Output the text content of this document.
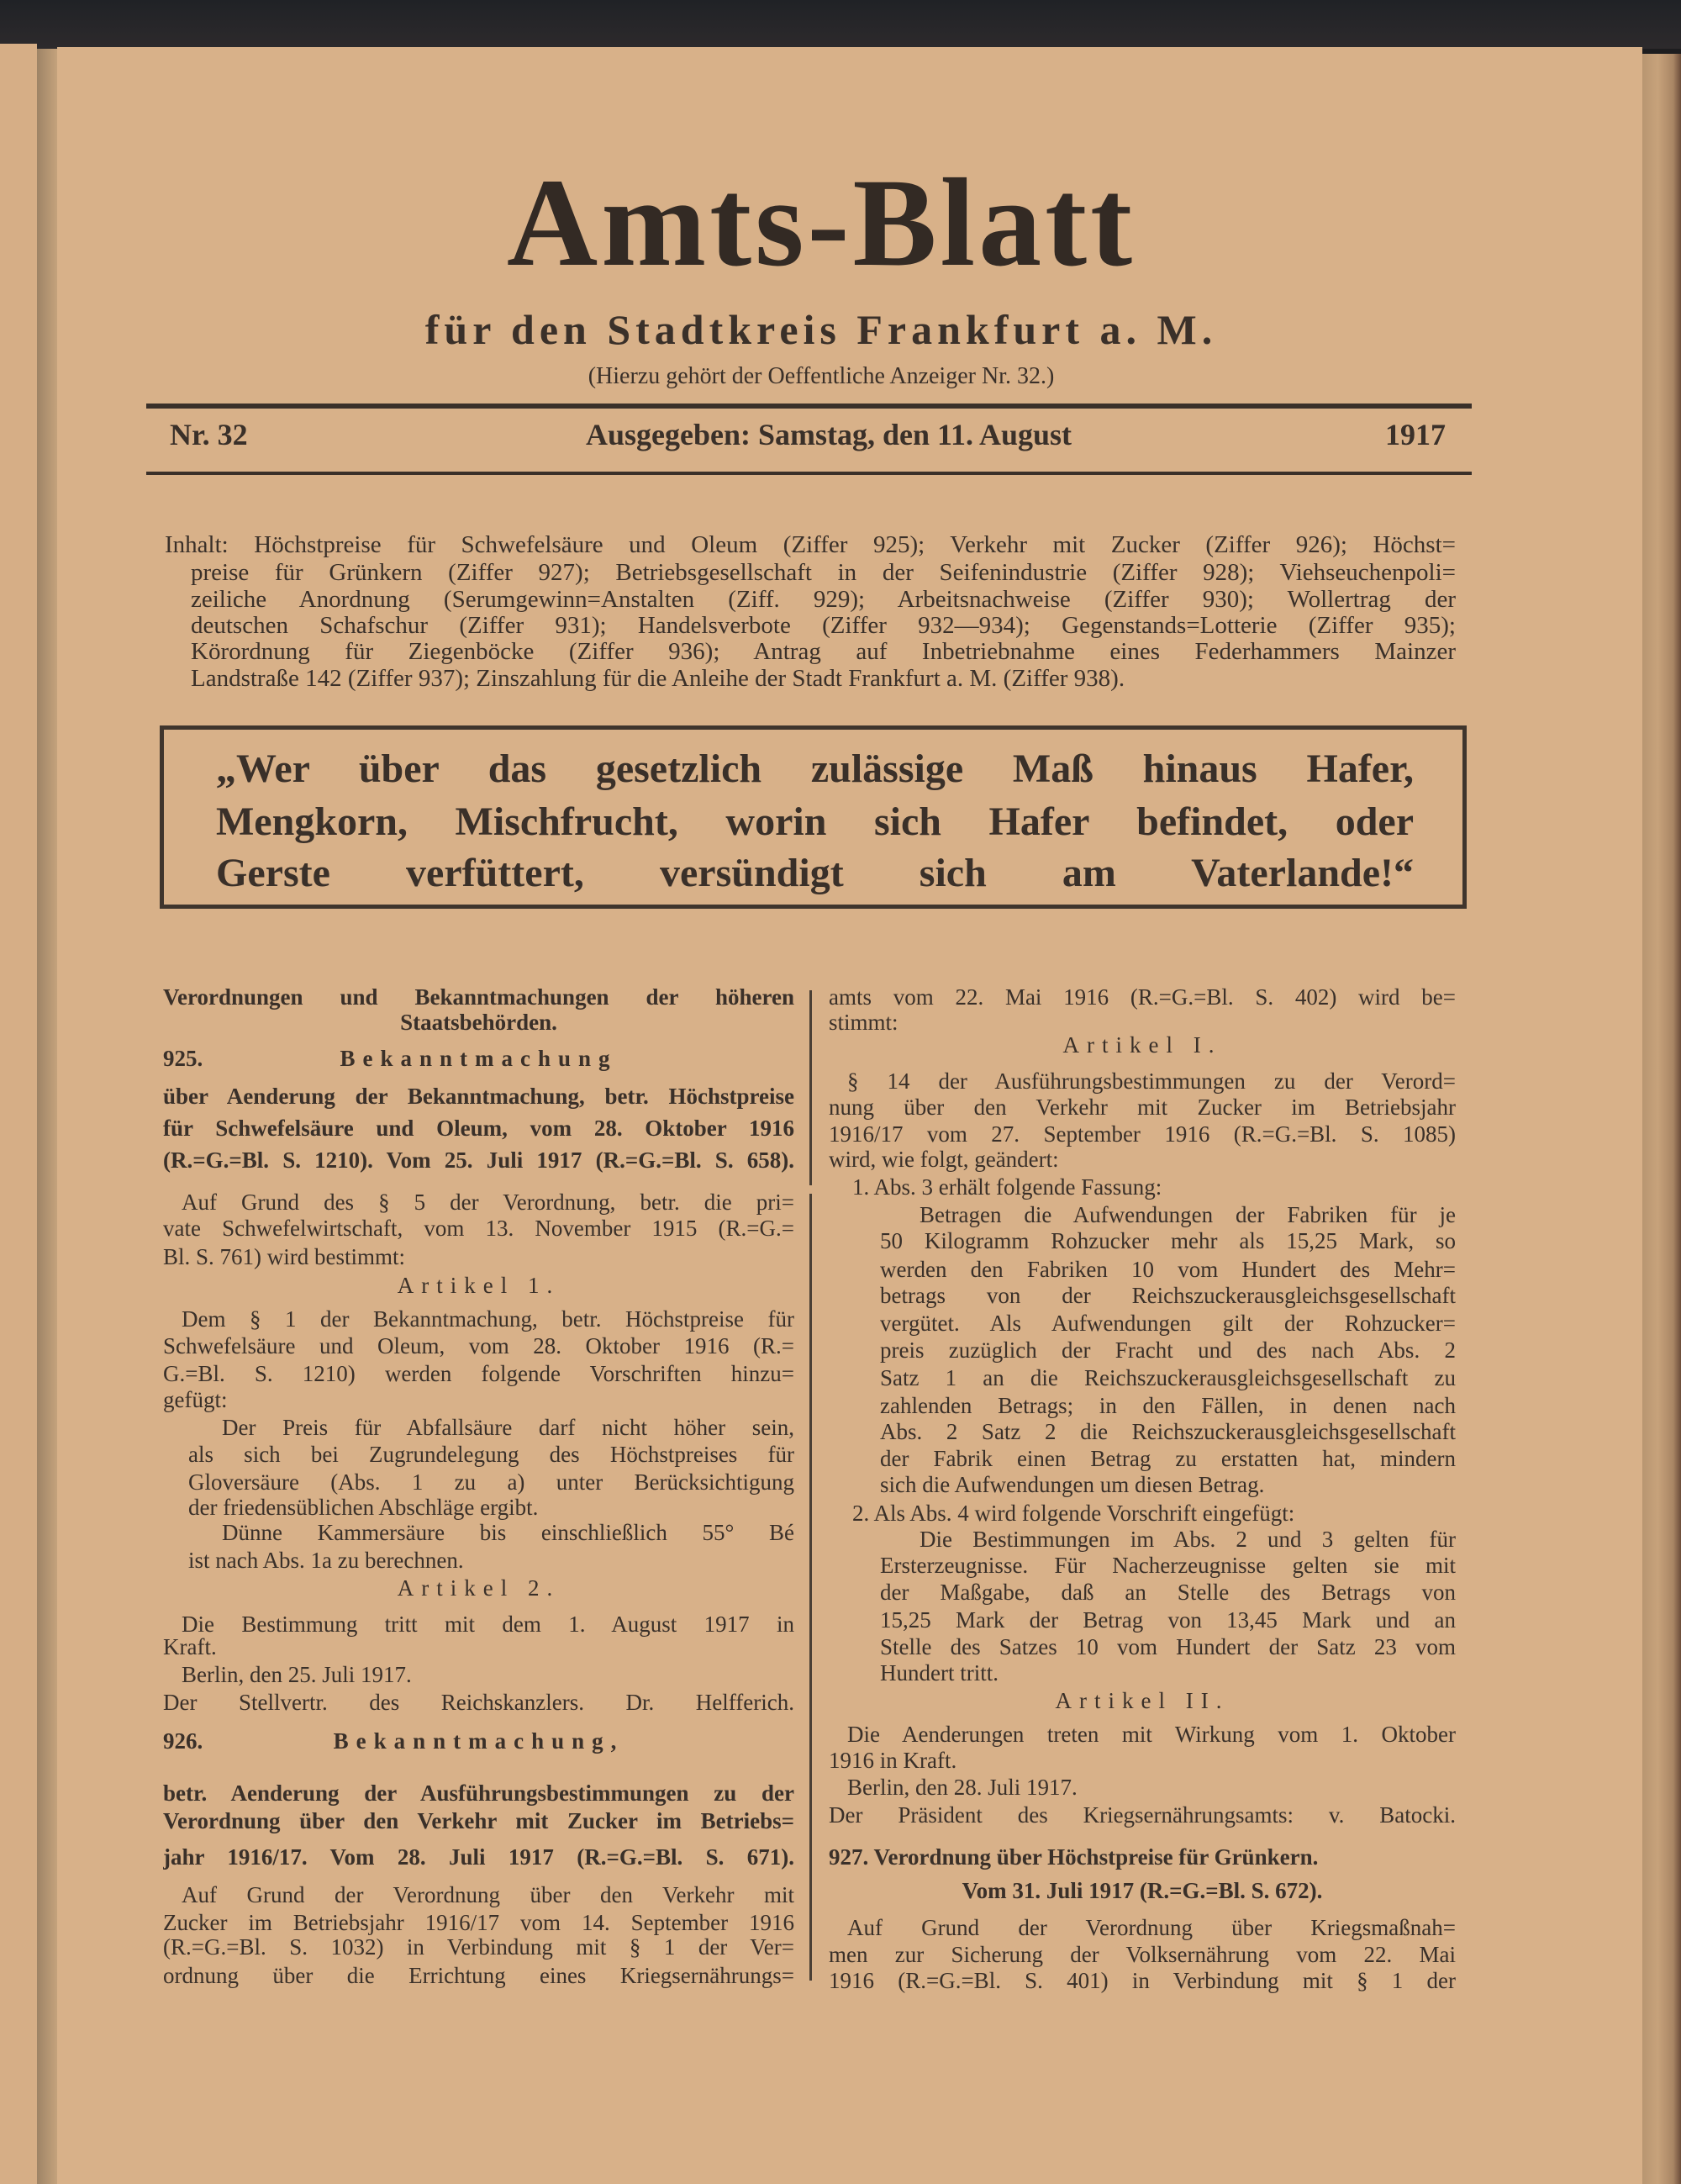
Amts-Blatt
für den Stadtkreis Frankfurt a. M.
(Hierzu gehört der Oeffentliche Anzeiger Nr. 32.)
Nr. 32	Ausgegeben: Samstag, den 11. August	1917
Inhalt: Höchstpreise für Schwefelsäure und Oleum (Ziffer 925); Verkehr mit Zucker (Ziffer 926); Höchst=
preise für Grünkern (Ziffer 927); Betriebsgesellschaft in der Seifenindustrie (Ziffer 928); Viehseuchenpoli=
zeiliche Anordnung (Serumgewinn=Anstalten (Ziff. 929); Arbeitsnachweise (Ziffer 930); Wollertrag der
deutschen Schafschur (Ziffer 931); Handelsverbote (Ziffer 932—934); Gegenstands=Lotterie (Ziffer 935);
Körordnung für Ziegenböcke (Ziffer 936); Antrag auf Inbetriebnahme eines Federhammers Mainzer
Landstraße 142 (Ziffer 937); Zinszahlung für die Anleihe der Stadt Frankfurt a. M. (Ziffer 938).
„Wer über das gesetzlich zulässige Maß hinaus Hafer,
Mengkorn, Mischfrucht, worin sich Hafer befindet, oder
Gerste verfüttert, versündigt sich am Vaterlande!“
Verordnungen und Bekanntmachungen der höheren
Staatsbehörden.
925.	Bekanntmachung
über Aenderung der Bekanntmachung, betr. Höchstpreise
für Schwefelsäure und Oleum, vom 28. Oktober 1916
(R.=G.=Bl. S. 1210). Vom 25. Juli 1917 (R.=G.=Bl. S. 658).
Auf Grund des § 5 der Verordnung, betr. die pri=
vate Schwefelwirtschaft, vom 13. November 1915 (R.=G.=
Bl. S. 761) wird bestimmt:
Artikel 1.
Dem § 1 der Bekanntmachung, betr. Höchstpreise für
Schwefelsäure und Oleum, vom 28. Oktober 1916 (R.=
G.=Bl. S. 1210) werden folgende Vorschriften hinzu=
gefügt:
Der Preis für Abfallsäure darf nicht höher sein,
als sich bei Zugrundelegung des Höchstpreises für
Gloversäure (Abs. 1 zu a) unter Berücksichtigung
der friedensüblichen Abschläge ergibt.
Dünne Kammersäure bis einschließlich 55° Bé
ist nach Abs. 1a zu berechnen.
Artikel 2.
Die Bestimmung tritt mit dem 1. August 1917 in
Kraft.
Berlin, den 25. Juli 1917.
Der Stellvertr. des Reichskanzlers. Dr. Helfferich.
926.	Bekanntmachung,
betr. Aenderung der Ausführungsbestimmungen zu der
Verordnung über den Verkehr mit Zucker im Betriebs=
jahr 1916/17. Vom 28. Juli 1917 (R.=G.=Bl. S. 671).
Auf Grund der Verordnung über den Verkehr mit
Zucker im Betriebsjahr 1916/17 vom 14. September 1916
(R.=G.=Bl. S. 1032) in Verbindung mit § 1 der Ver=
ordnung über die Errichtung eines Kriegsernährungs=
amts vom 22. Mai 1916 (R.=G.=Bl. S. 402) wird be=
stimmt:
Artikel I.
§ 14 der Ausführungsbestimmungen zu der Verord=
nung über den Verkehr mit Zucker im Betriebsjahr
1916/17 vom 27. September 1916 (R.=G.=Bl. S. 1085)
wird, wie folgt, geändert:
1. Abs. 3 erhält folgende Fassung:
Betragen die Aufwendungen der Fabriken für je
50 Kilogramm Rohzucker mehr als 15,25 Mark, so
werden den Fabriken 10 vom Hundert des Mehr=
betrags von der Reichszuckerausgleichsgesellschaft
vergütet. Als Aufwendungen gilt der Rohzucker=
preis zuzüglich der Fracht und des nach Abs. 2
Satz 1 an die Reichszuckerausgleichsgesellschaft zu
zahlenden Betrags; in den Fällen, in denen nach
Abs. 2 Satz 2 die Reichszuckerausgleichsgesellschaft
der Fabrik einen Betrag zu erstatten hat, mindern
sich die Aufwendungen um diesen Betrag.
2. Als Abs. 4 wird folgende Vorschrift eingefügt:
Die Bestimmungen im Abs. 2 und 3 gelten für
Ersterzeugnisse. Für Nacherzeugnisse gelten sie mit
der Maßgabe, daß an Stelle des Betrags von
15,25 Mark der Betrag von 13,45 Mark und an
Stelle des Satzes 10 vom Hundert der Satz 23 vom
Hundert tritt.
Artikel II.
Die Aenderungen treten mit Wirkung vom 1. Oktober
1916 in Kraft.
Berlin, den 28. Juli 1917.
Der Präsident des Kriegsernährungsamts: v. Batocki.
927. Verordnung über Höchstpreise für Grünkern.
Vom 31. Juli 1917 (R.=G.=Bl. S. 672).
Auf Grund der Verordnung über Kriegsmaßnah=
men zur Sicherung der Volksernährung vom 22. Mai
1916 (R.=G.=Bl. S. 401) in Verbindung mit § 1 der
